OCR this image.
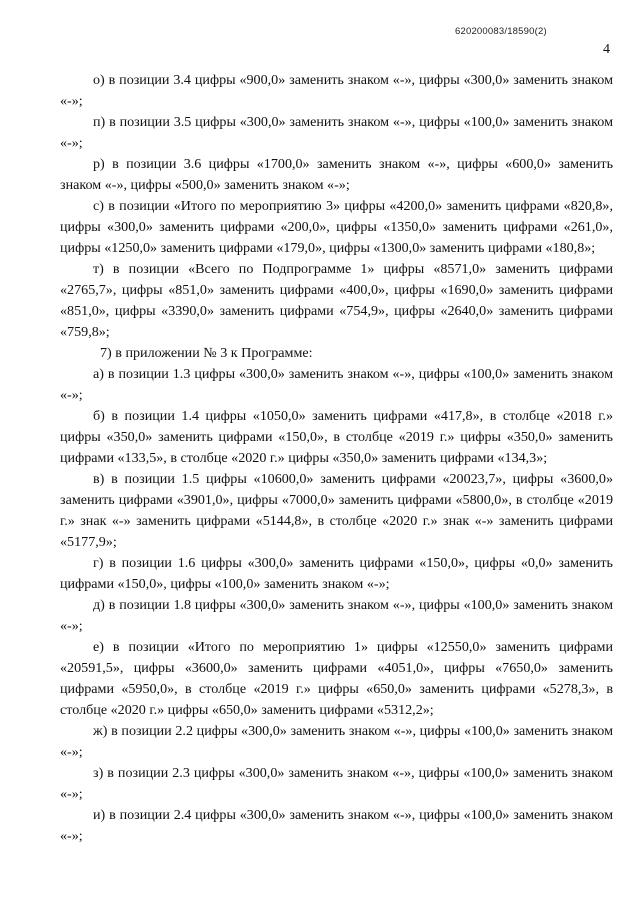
620200083/18590(2)
4

о) в позиции 3.4 цифры «900,0» заменить знаком «-», цифры «300,0» заменить знаком «-»;

п) в позиции 3.5 цифры «300,0» заменить знаком «-», цифры «100,0» заменить знаком «-»;

р) в позиции 3.6 цифры «1700,0» заменить знаком «-», цифры «600,0» заменить знаком «-», цифры «500,0» заменить знаком «-»;

с) в позиции «Итого по мероприятию 3» цифры «4200,0» заменить цифрами «820,8», цифры «300,0» заменить цифрами «200,0», цифры «1350,0» заменить цифрами «261,0», цифры «1250,0» заменить цифрами «179,0», цифры «1300,0» заменить цифрами «180,8»;

т) в позиции «Всего по Подпрограмме 1» цифры «8571,0» заменить цифрами «2765,7», цифры «851,0» заменить цифрами «400,0», цифры «1690,0» заменить цифрами «851,0», цифры «3390,0» заменить цифрами «754,9», цифры «2640,0» заменить цифрами «759,8»;

7) в приложении № 3 к Программе:

а) в позиции 1.3 цифры «300,0» заменить знаком «-», цифры «100,0» заменить знаком «-»;

б) в позиции 1.4 цифры «1050,0» заменить цифрами «417,8», в столбце «2018 г.» цифры «350,0» заменить цифрами «150,0», в столбце «2019 г.» цифры «350,0» заменить цифрами «133,5», в столбце «2020 г.» цифры «350,0» заменить цифрами «134,3»;

в) в позиции 1.5 цифры «10600,0» заменить цифрами «20023,7», цифры «3600,0» заменить цифрами «3901,0», цифры «7000,0» заменить цифрами «5800,0», в столбце «2019 г.» знак «-» заменить цифрами «5144,8», в столбце «2020 г.» знак «-» заменить цифрами «5177,9»;

г) в позиции 1.6 цифры «300,0» заменить цифрами «150,0», цифры «0,0» заменить цифрами «150,0», цифры «100,0» заменить знаком «-»;

д) в позиции 1.8 цифры «300,0» заменить знаком «-», цифры «100,0» заменить знаком «-»;

е) в позиции «Итого по мероприятию 1» цифры «12550,0» заменить цифрами «20591,5», цифры «3600,0» заменить цифрами «4051,0», цифры «7650,0» заменить цифрами «5950,0», в столбце «2019 г.» цифры «650,0» заменить цифрами «5278,3», в столбце «2020 г.» цифры «650,0» заменить цифрами «5312,2»;

ж) в позиции 2.2 цифры «300,0» заменить знаком «-», цифры «100,0» заменить знаком «-»;

з) в позиции 2.3 цифры «300,0» заменить знаком «-», цифры «100,0» заменить знаком «-»;

и) в позиции 2.4 цифры «300,0» заменить знаком «-», цифры «100,0» заменить знаком «-»;
